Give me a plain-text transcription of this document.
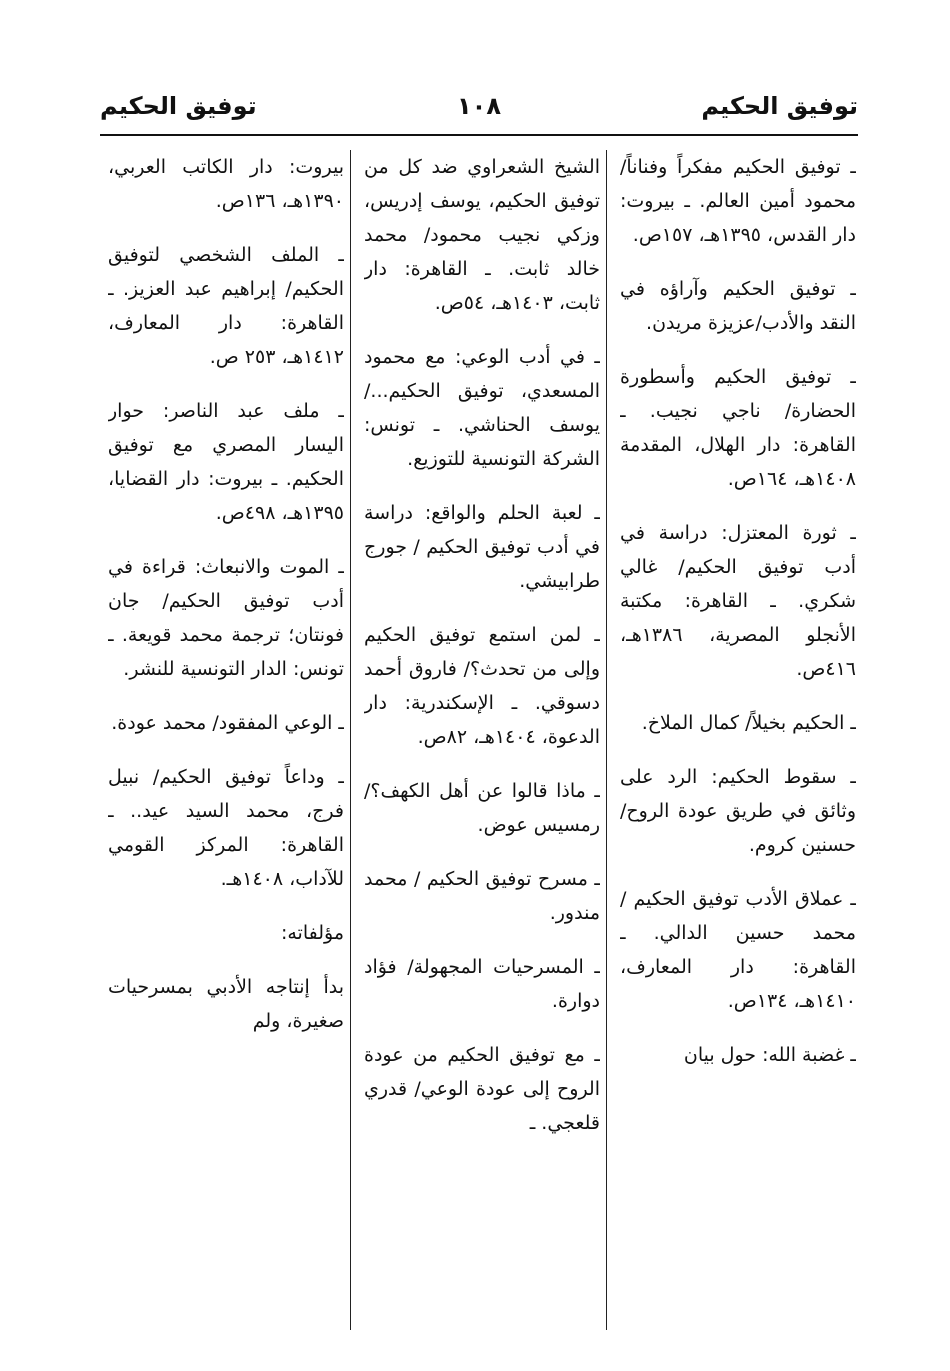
توفيق الحكيم
١٠٨
توفيق الحكيم

ـ توفيق الحكيم مفكراً وفناناً/ محمود أمين العالم. ـ بيروت: دار القدس، ١٣٩٥هـ، ١٥٧ص.

ـ توفيق الحكيم وآراؤه في النقد والأدب/عزيزة مريدن.

ـ توفيق الحكيم وأسطورة الحضارة/ ناجي نجيب. ـ القاهرة: دار الهلال، المقدمة ١٤٠٨هـ، ١٦٤ص.

ـ ثورة المعتزل: دراسة في أدب توفيق الحكيم/ غالي شكري. ـ القاهرة: مكتبة الأنجلو المصرية، ١٣٨٦هـ، ٤١٦ص.

ـ الحكيم بخيلاً/ كمال الملاخ.

ـ سقوط الحكيم: الرد على وثائق في طريق عودة الروح/ حسنين كروم.

ـ عملاق الأدب توفيق الحكيم / محمد حسين الدالي. ـ القاهرة: دار المعارف، ١٤١٠هـ، ١٣٤ص.

ـ غضبة الله: حول بيان

الشيخ الشعراوي ضد كل من توفيق الحكيم، يوسف إدريس، وزكي نجيب محمود/ محمد خالد ثابت. ـ القاهرة: دار ثابت، ١٤٠٣هـ، ٥٤ص.

ـ في أدب الوعي: مع محمود المسعدي، توفيق الحكيم.../ يوسف الحناشي. ـ تونس: الشركة التونسية للتوزيع.

ـ لعبة الحلم والواقع: دراسة في أدب توفيق الحكيم / جورج طرابيشي.

ـ لمن استمع توفيق الحكيم وإلى من تحدث؟/ فاروق أحمد دسوقي. ـ الإسكندرية: دار الدعوة، ١٤٠٤هـ، ٨٢ص.

ـ ماذا قالوا عن أهل الكهف؟/ رمسيس عوض.

ـ مسرح توفيق الحكيم / محمد مندور.

ـ المسرحيات المجهولة/ فؤاد دوارة.

ـ مع توفيق الحكيم من عودة الروح إلى عودة الوعي/ قدري قلعجي. ـ

بيروت: دار الكاتب العربي، ١٣٩٠هـ، ١٣٦ص.

ـ الملف الشخصي لتوفيق الحكيم/ إبراهيم عبد العزيز. ـ القاهرة: دار المعارف، ١٤١٢هـ، ٢٥٣ ص.

ـ ملف عبد الناصر: حوار اليسار المصري مع توفيق الحكيم. ـ بيروت: دار القضايا، ١٣٩٥هـ، ٤٩٨ص.

ـ الموت والانبعاث: قراءة في أدب توفيق الحكيم/ جان فونتان؛ ترجمة محمد قويعة. ـ تونس: الدار التونسية للنشر.

ـ الوعي المفقود/ محمد عودة.

ـ وداعاً توفيق الحكيم/ نبيل فرج، محمد السيد عيد.. ـ القاهرة: المركز القومي للآداب، ١٤٠٨هـ.

مؤلفاته:

بدأ إنتاجه الأدبي بمسرحيات صغيرة، ولم
